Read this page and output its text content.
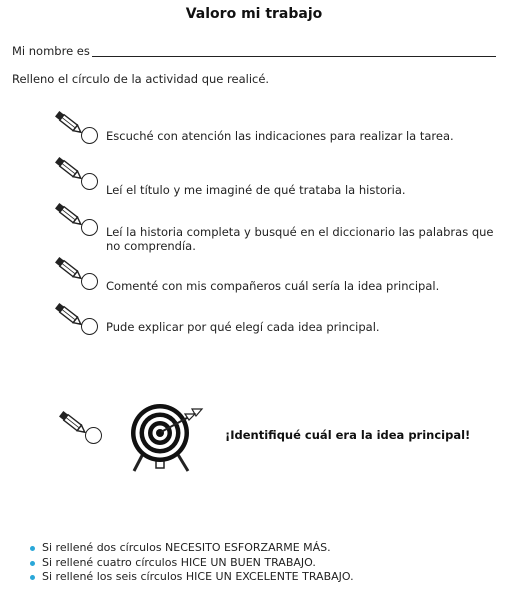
Valoro mi trabajo
Mi nombre es
Relleno el círculo de la actividad que realicé.
Escuché con atención las indicaciones para realizar la tarea.
Leí el título y me imaginé de qué trataba la historia.
Leí la historia completa y busqué en el diccionario las palabras que no comprendía.
Comenté con mis compañeros cuál sería la idea principal.
Pude explicar por qué elegí cada idea principal.
¡Identifiqué cuál era la idea principal!
Si rellené dos círculos NECESITO ESFORZARME MÁS.
Si rellené cuatro círculos HICE UN BUEN TRABAJO.
Si rellené los seis círculos HICE UN EXCELENTE TRABAJO.
